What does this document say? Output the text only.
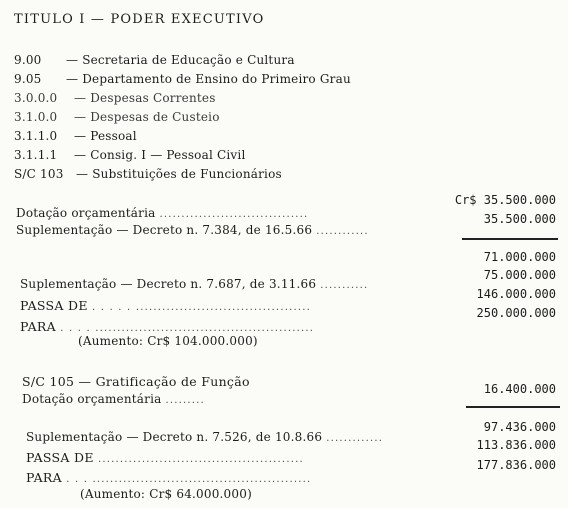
TITULO I — PODER EXECUTIVO
9.00 — Secretaria de Educação e Cultura
9.05 — Departamento de Ensino do Primeiro Grau
3.0.0.0 — Despesas Correntes
3.1.0.0 — Despesas de Custeio
3.1.1.0 — Pessoal
3.1.1.1 — Consig. I — Pessoal Civil
S/C 103 — Substituições de Funcionários
Dotação orçamentária ..................................
Cr$ 35.500.000
Suplementação — Decreto n. 7.384, de 16.5.66 ............
35.500.000
71.000.000
Suplementação — Decreto n. 7.687, de 3.11.66 ...........
75.000.000
PASSA DE . . . . . ........................................
146.000.000
PARA . . . . ..................................................
250.000.000
(Aumento: Cr$ 104.000.000)
S/C 105 — Gratificação de Função
Dotação orçamentária .........
16.400.000
Suplementação — Decreto n. 7.526, de 10.8.66 .............
97.436.000
PASSA DE ...............................................
113.836.000
PARA . . . ..................................................
177.836.000
(Aumento: Cr$ 64.000.000)
